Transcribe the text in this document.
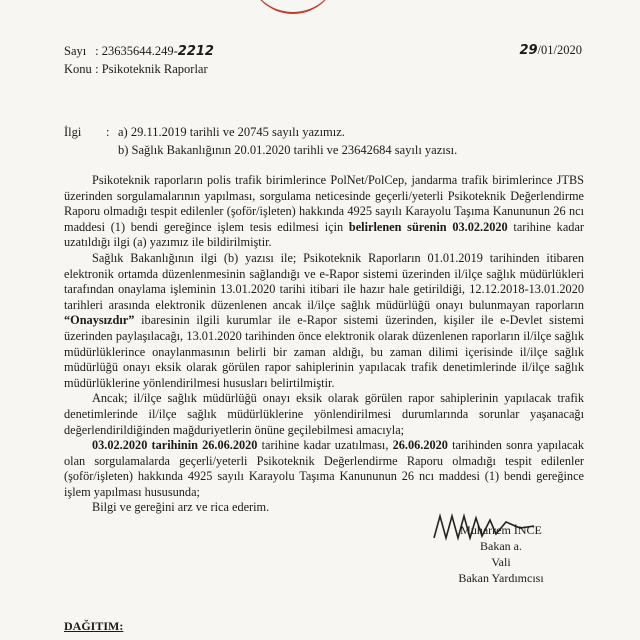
Sayı : 23635644.249-2212
Konu : Psikoteknik Raporlar
29/01/2020
İlgi	: a) 29.11.2019 tarihli ve 20745 sayılı yazımız.
b) Sağlık Bakanlığının 20.01.2020 tarihli ve 23642684 sayılı yazısı.

Psikoteknik raporların polis trafik birimlerince PolNet/PolCep, jandarma trafik birimlerince JTBS üzerinden sorgulamalarının yapılması, sorgulama neticesinde geçerli/yeterli Psikoteknik Değerlendirme Raporu olmadığı tespit edilenler (şoför/işleten) hakkında 4925 sayılı Karayolu Taşıma Kanununun 26 ncı maddesi (1) bendi gereğince işlem tesis edilmesi için belirlenen sürenin 03.02.2020 tarihine kadar uzatıldığı ilgi (a) yazımız ile bildirilmiştir.

Sağlık Bakanlığının ilgi (b) yazısı ile; Psikoteknik Raporların 01.01.2019 tarihinden itibaren elektronik ortamda düzenlenmesinin sağlandığı ve e-Rapor sistemi üzerinden il/ilçe sağlık müdürlükleri tarafından onaylama işleminin 13.01.2020 tarihi itibari ile hazır hale getirildiği, 12.12.2018-13.01.2020 tarihleri arasında elektronik düzenlenen ancak il/ilçe sağlık müdürlüğü onayı bulunmayan raporların “Onaysızdır” ibaresinin ilgili kurumlar ile e-Rapor sistemi üzerinden, kişiler ile e-Devlet sistemi üzerinden paylaşılacağı, 13.01.2020 tarihinden önce elektronik olarak düzenlenen raporların il/ilçe sağlık müdürlüklerince onaylanmasının belirli bir zaman aldığı, bu zaman dilimi içerisinde il/ilçe sağlık müdürlüğü onayı eksik olarak görülen rapor sahiplerinin yapılacak trafik denetimlerinde il/ilçe sağlık müdürlüklerine yönlendirilmesi hususları belirtilmiştir.

Ancak; il/ilçe sağlık müdürlüğü onayı eksik olarak görülen rapor sahiplerinin yapılacak trafik denetimlerinde il/ilçe sağlık müdürlüklerine yönlendirilmesi durumlarında sorunlar yaşanacağı değerlendirildiğinden mağduriyetlerin önüne geçilebilmesi amacıyla;

03.02.2020 tarihinin 26.06.2020 tarihine kadar uzatılması, 26.06.2020 tarihinden sonra yapılacak olan sorgulamalarda geçerli/yeterli Psikoteknik Değerlendirme Raporu olmadığı tespit edilenler (şoför/işleten) hakkında 4925 sayılı Karayolu Taşıma Kanununun 26 ncı maddesi (1) bendi gereğince işlem yapılması hususunda;

Bilgi ve gereğini arz ve rica ederim.

Muharrem İNCE
Bakan a.
Vali
Bakan Yardımcısı
DAĞITIM:
